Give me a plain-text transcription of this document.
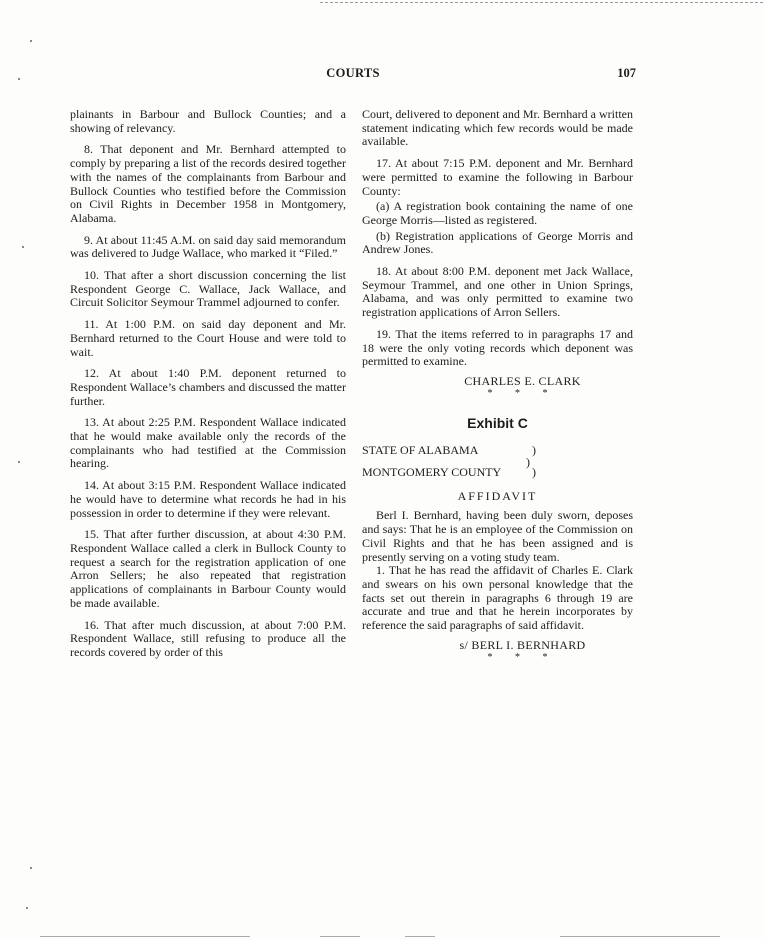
COURTS	107

plainants in Barbour and Bullock Counties; and a showing of relevancy.

8. That deponent and Mr. Bernhard attempted to comply by preparing a list of the records desired together with the names of the complainants from Barbour and Bullock Counties who testified before the Commission on Civil Rights in December 1958 in Montgomery, Alabama.

9. At about 11:45 A.M. on said day said memorandum was delivered to Judge Wallace, who marked it “Filed.”

10. That after a short discussion concerning the list Respondent George C. Wallace, Jack Wallace, and Circuit Solicitor Seymour Trammel adjourned to confer.

11. At 1:00 P.M. on said day deponent and Mr. Bernhard returned to the Court House and were told to wait.

12. At about 1:40 P.M. deponent returned to Respondent Wallace’s chambers and discussed the matter further.

13. At about 2:25 P.M. Respondent Wallace indicated that he would make available only the records of the complainants who had testified at the Commission hearing.

14. At about 3:15 P.M. Respondent Wallace indicated he would have to determine what records he had in his possession in order to determine if they were relevant.

15. That after further discussion, at about 4:30 P.M. Respondent Wallace called a clerk in Bullock County to request a search for the registration application of one Arron Sellers; he also repeated that registration applications of complainants in Barbour County would be made available.

16. That after much discussion, at about 7:00 P.M. Respondent Wallace, still refusing to produce all the records covered by order of this

Court, delivered to deponent and Mr. Bernhard a written statement indicating which few records would be made available.

17. At about 7:15 P.M. deponent and Mr. Bernhard were permitted to examine the following in Barbour County:

(a) A registration book containing the name of one George Morris—listed as registered.

(b) Registration applications of George Morris and Andrew Jones.

18. At about 8:00 P.M. deponent met Jack Wallace, Seymour Trammel, and one other in Union Springs, Alabama, and was only permitted to examine two registration applications of Arron Sellers.

19. That the items referred to in paragraphs 17 and 18 were the only voting records which deponent was permitted to examine.

CHARLES E. CLARK
* * *
Exhibit C
STATE OF ALABAMA	)
)
MONTGOMERY COUNTY	)
AFFIDAVIT

Berl I. Bernhard, having been duly sworn, deposes and says: That he is an employee of the Commission on Civil Rights and that he has been assigned and is presently serving on a voting study team.

1. That he has read the affidavit of Charles E. Clark and swears on his own personal knowledge that the facts set out therein in paragraphs 6 through 19 are accurate and true and that he herein incorporates by reference the said paragraphs of said affidavit.

s/ BERL I. BERNHARD
* * *
